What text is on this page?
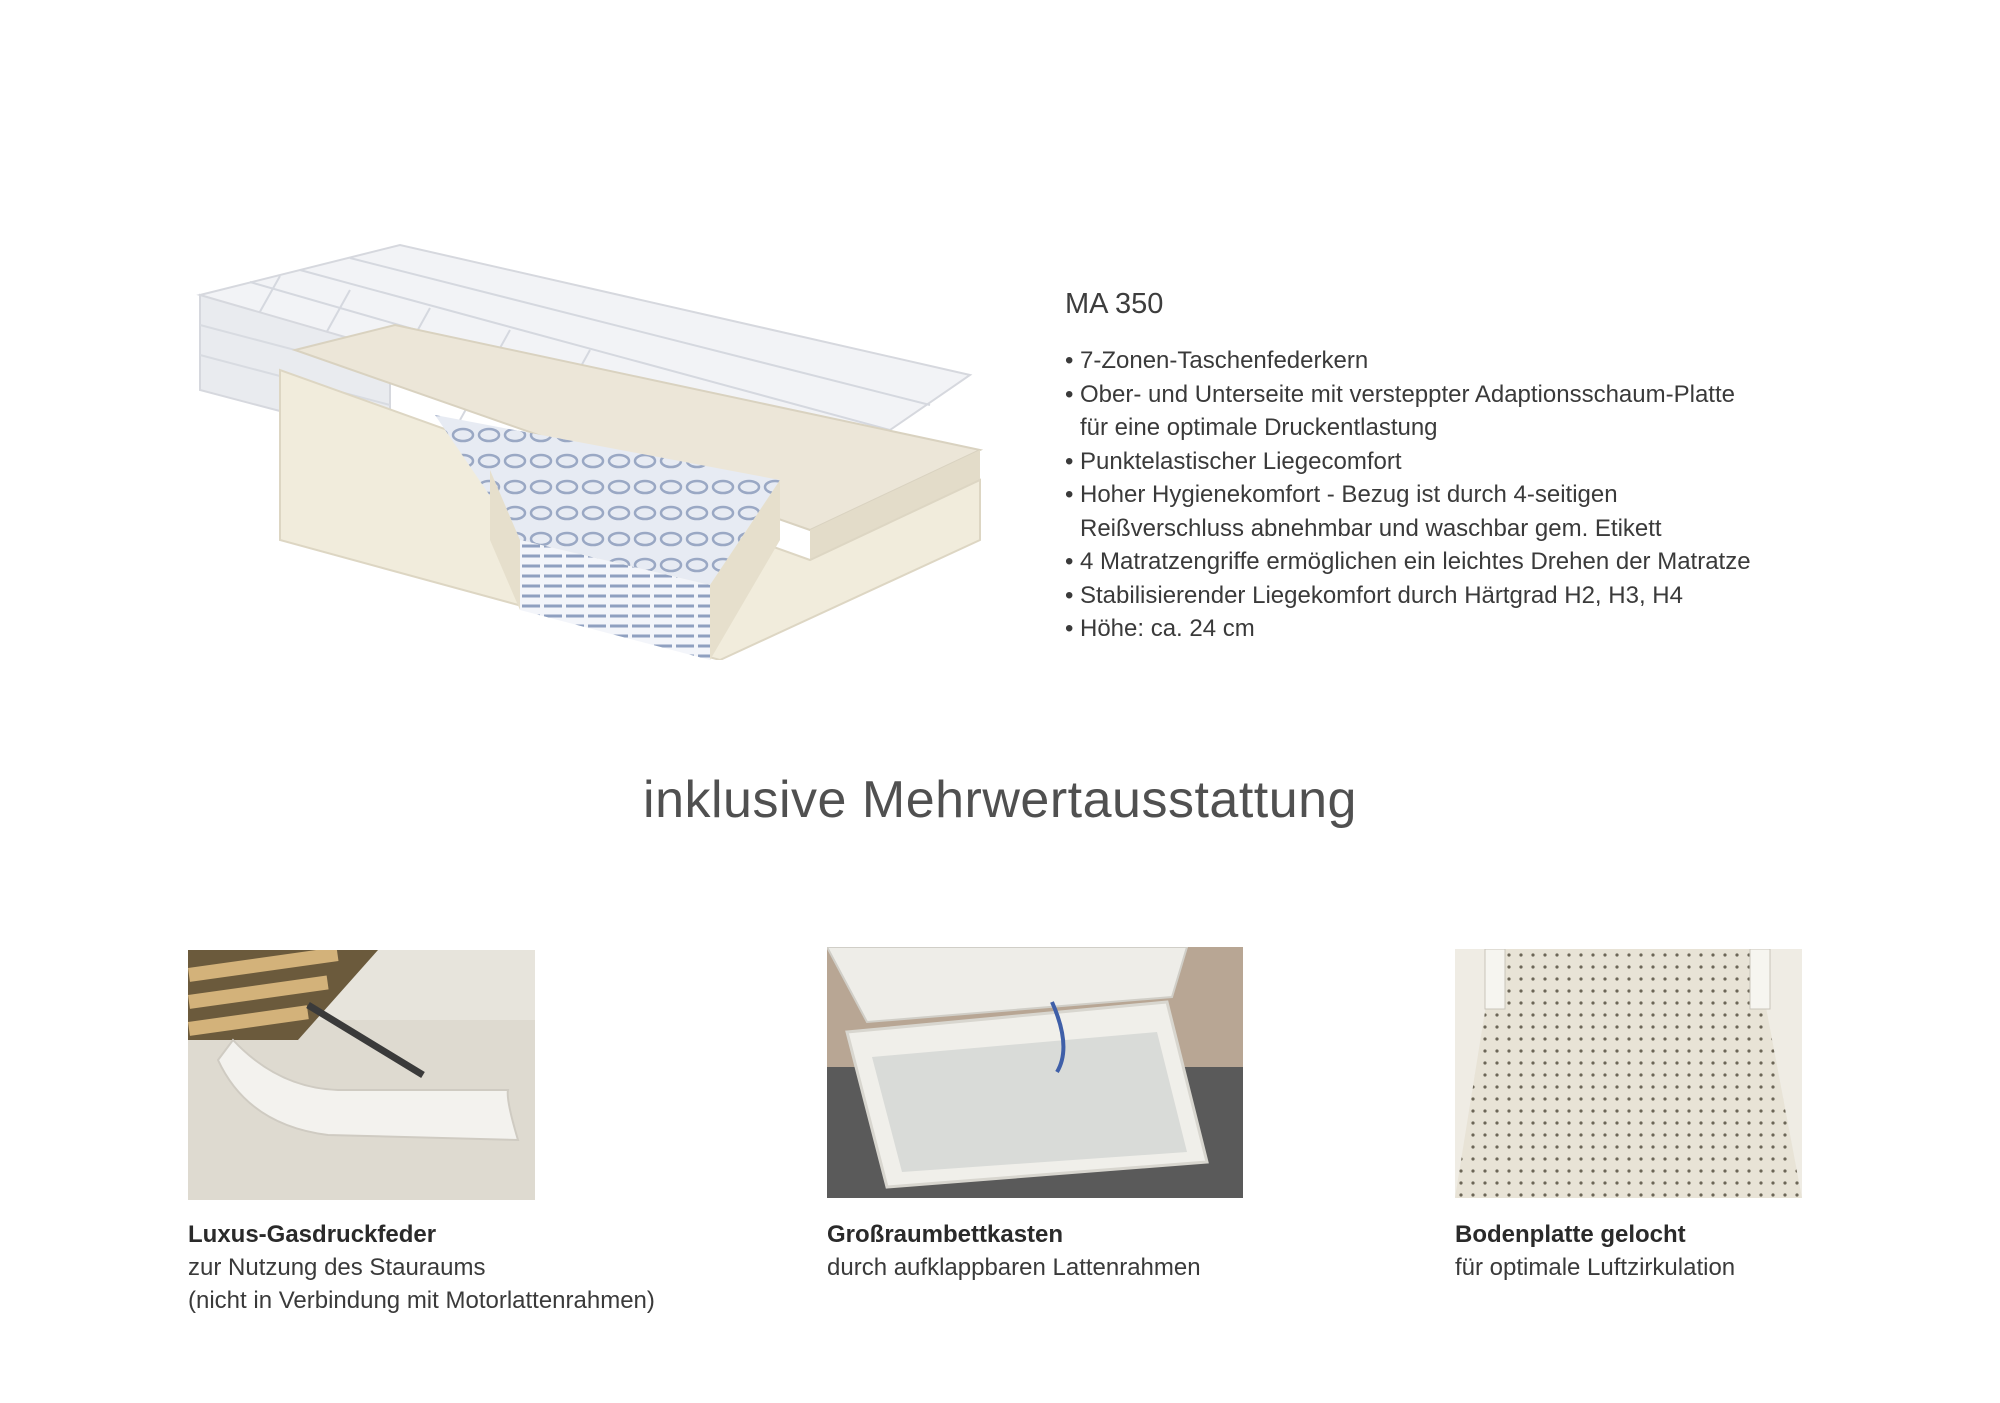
MA 350
• 7-Zonen-Taschenfederkern
• Ober- und Unterseite mit versteppter Adaptionsschaum-Platte
für eine optimale Druckentlastung
• Punktelastischer Liegecomfort
• Hoher Hygienekomfort - Bezug ist durch 4-seitigen
Reißverschluss abnehmbar und waschbar gem. Etikett
• 4 Matratzengriffe ermöglichen ein leichtes Drehen der Matratze
• Stabilisierender Liegekomfort durch Härtgrad H2, H3, H4
• Höhe: ca. 24 cm
inklusive Mehrwertausstattung
Luxus-Gasdruckfeder
zur Nutzung des Stauraums
(nicht in Verbindung mit Motorlattenrahmen)
Großraumbettkasten
durch aufklappbaren Lattenrahmen
Bodenplatte gelocht
für optimale Luftzirkulation
